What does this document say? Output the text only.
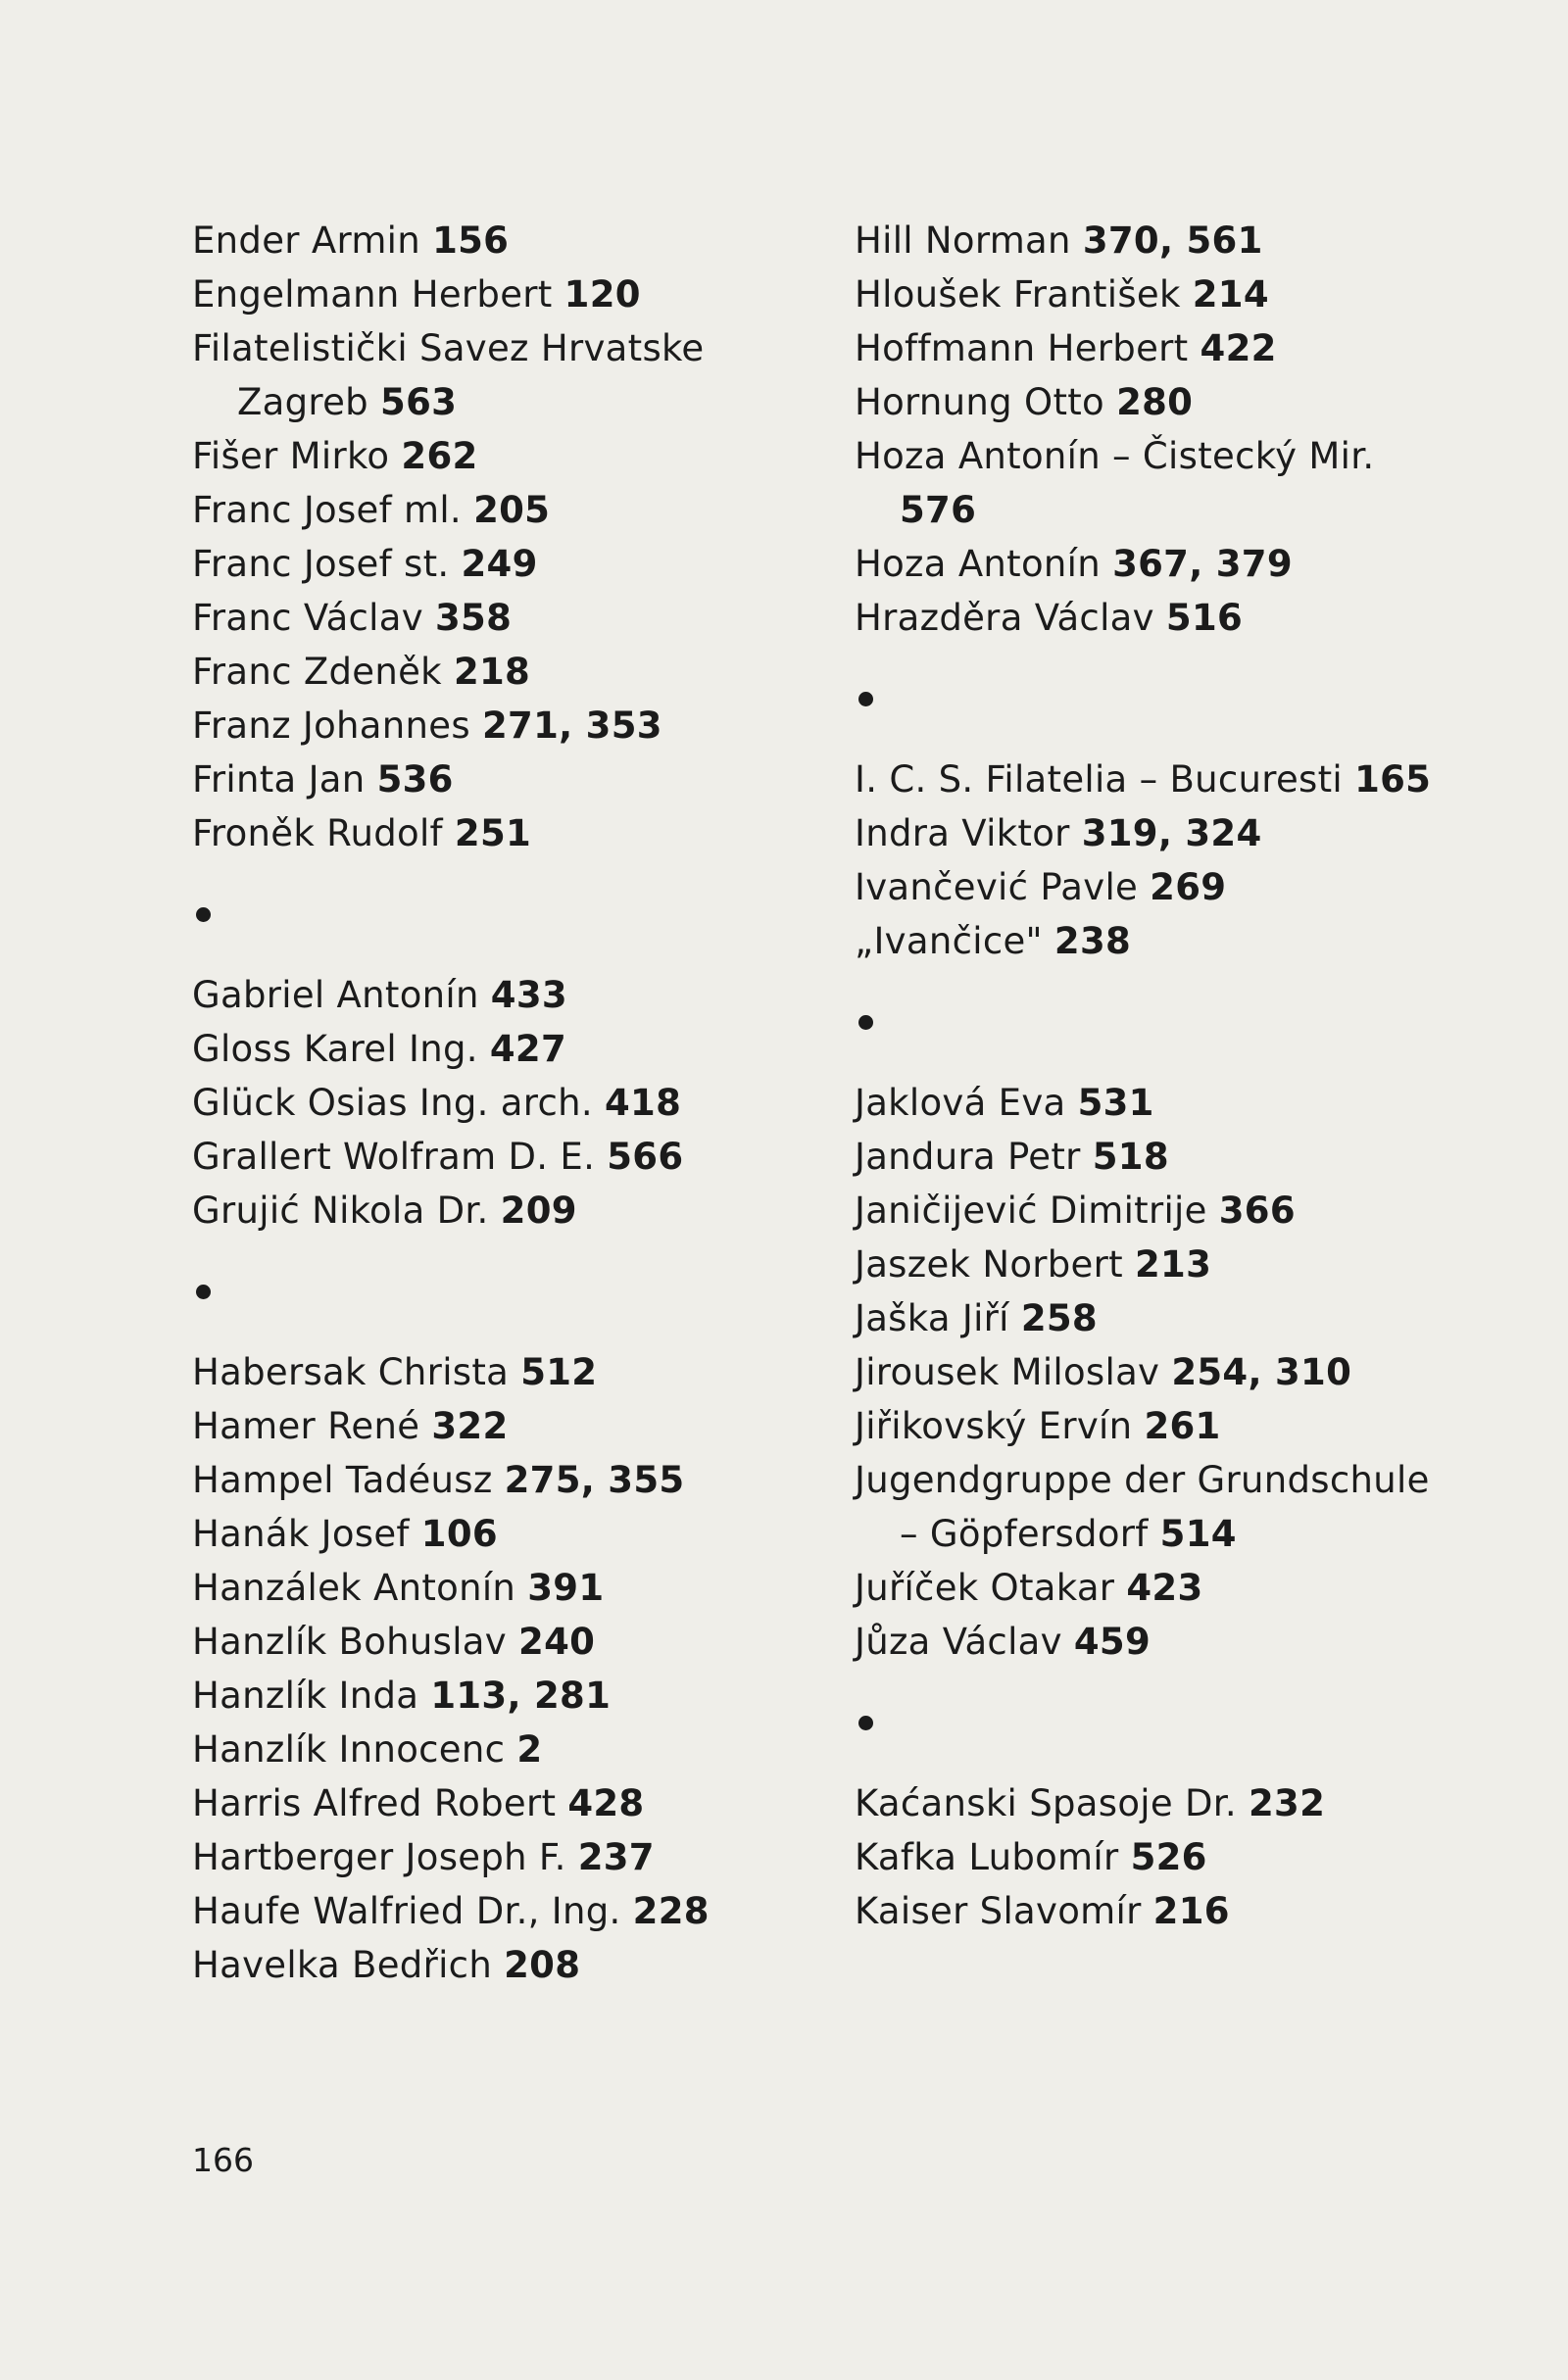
Ender Armin 156
Engelmann Herbert 120
Filatelistički Savez Hrvatske
Zagreb 563
Fišer Mirko 262
Franc Josef ml. 205
Franc Josef st. 249
Franc Václav 358
Franc Zdeněk 218
Franz Johannes 271, 353
Frinta Jan 536
Froněk Rudolf 251
Gabriel Antonín 433
Gloss Karel Ing. 427
Glück Osias Ing. arch. 418
Grallert Wolfram D. E. 566
Grujić Nikola Dr. 209
Habersak Christa 512
Hamer René 322
Hampel Tadéusz 275, 355
Hanák Josef 106
Hanzálek Antonín 391
Hanzlík Bohuslav 240
Hanzlík Inda 113, 281
Hanzlík Innocenc 2
Harris Alfred Robert 428
Hartberger Joseph F. 237
Haufe Walfried Dr., Ing. 228
Havelka Bedřich 208
Hill Norman 370, 561
Hloušek František 214
Hoffmann Herbert 422
Hornung Otto 280
Hoza Antonín – Čistecký Mir.
576
Hoza Antonín 367, 379
Hrazděra Václav 516
I. C. S. Filatelia – Bucuresti 165
Indra Viktor 319, 324
Ivančević Pavle 269
„Ivančice" 238
Jaklová Eva 531
Jandura Petr 518
Janičijević Dimitrije 366
Jaszek Norbert 213
Jaška Jiří 258
Jirousek Miloslav 254, 310
Jiřikovský Ervín 261
Jugendgruppe der Grundschule
– Göpfersdorf 514
Juříček Otakar 423
Jůza Václav 459
Kaćanski Spasoje Dr. 232
Kafka Lubomír 526
Kaiser Slavomír 216
166
